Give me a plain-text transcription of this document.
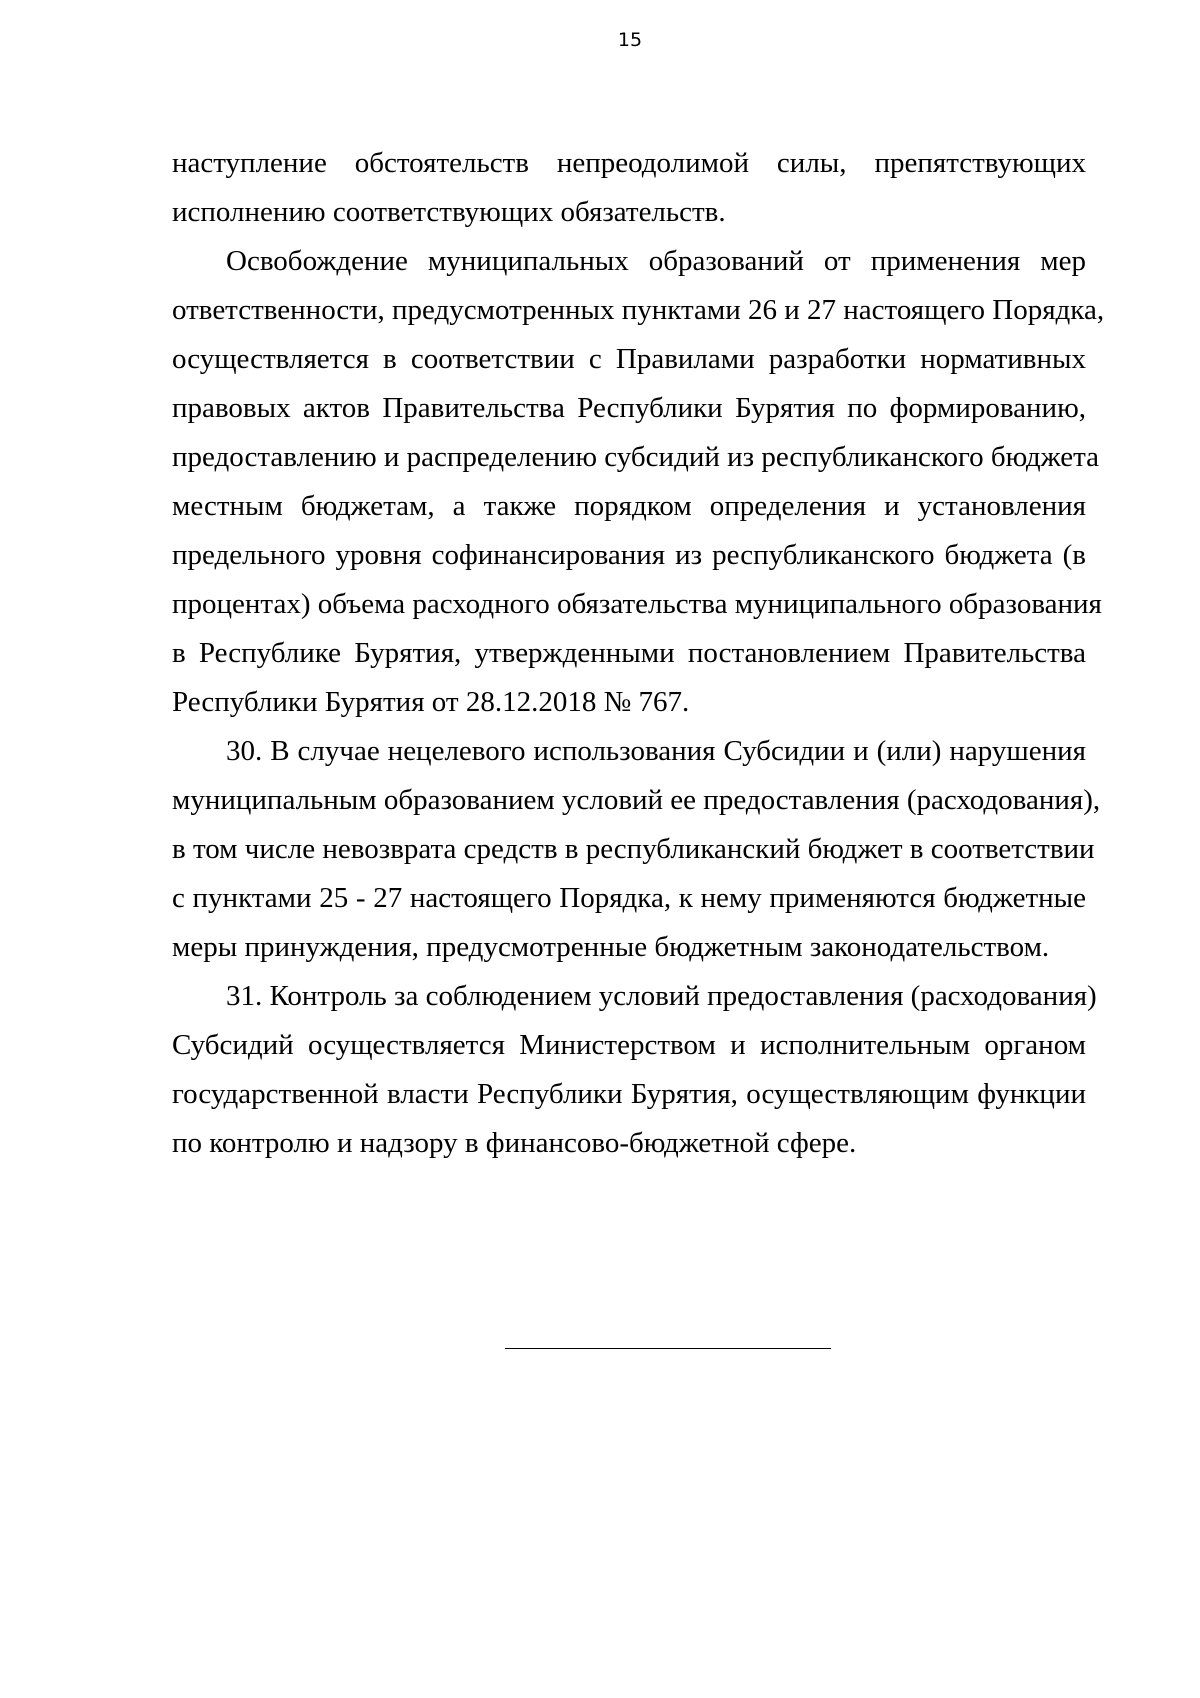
15

наступление обстоятельств непреодолимой силы, препятствующих
исполнению соответствующих обязательств.

Освобождение муниципальных образований от применения мер
ответственности, предусмотренных пунктами 26 и 27 настоящего Порядка,
осуществляется в соответствии с Правилами разработки нормативных
правовых актов Правительства Республики Бурятия по формированию,
предоставлению и распределению субсидий из республиканского бюджета
местным бюджетам, а также порядком определения и установления
предельного уровня софинансирования из республиканского бюджета (в
процентах) объема расходного обязательства муниципального образования
в Республике Бурятия, утвержденными постановлением Правительства
Республики Бурятия от 28.12.2018 № 767.

30. В случае нецелевого использования Субсидии и (или) нарушения
муниципальным образованием условий ее предоставления (расходования),
в том числе невозврата средств в республиканский бюджет в соответствии
с пунктами 25 - 27 настоящего Порядка, к нему применяются бюджетные
меры принуждения, предусмотренные бюджетным законодательством.

31. Контроль за соблюдением условий предоставления (расходования)
Субсидий осуществляется Министерством и исполнительным органом
государственной власти Республики Бурятия, осуществляющим функции
по контролю и надзору в финансово-бюджетной сфере.
